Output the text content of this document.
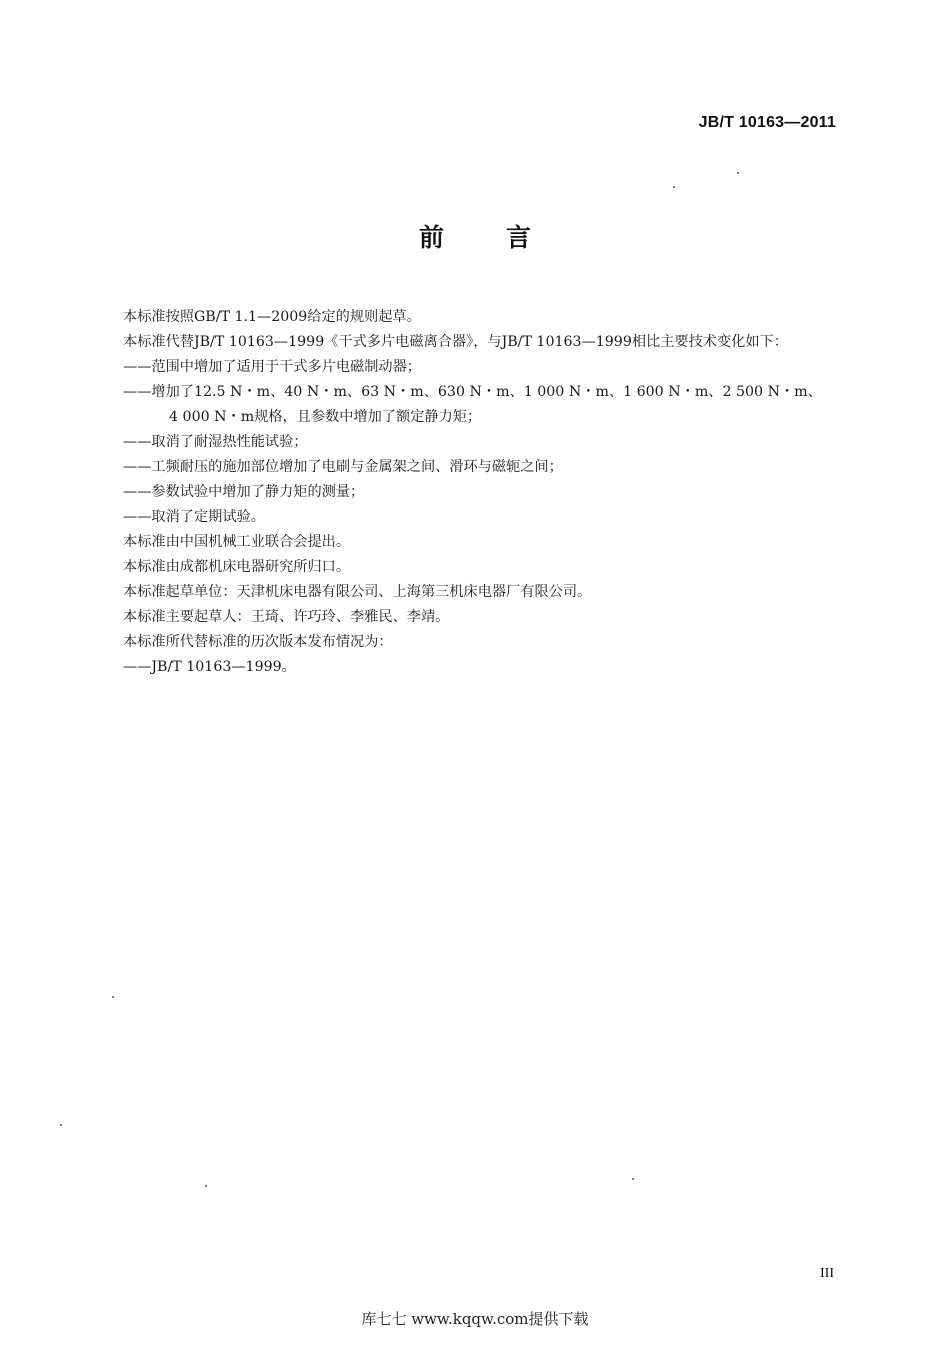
JB/T 10163—2011
前言

本标准按照GB/T 1.1—2009给定的规则起草。

本标准代替JB/T 10163—1999《干式多片电磁离合器》，与JB/T 10163—1999相比主要技术变化如下：

——范围中增加了适用于干式多片电磁制动器；

——增加了12.5 N・m、40 N・m、63 N・m、630 N・m、1 000 N・m、1 600 N・m、2 500 N・m、

4 000 N・m规格，且参数中增加了额定静力矩；

——取消了耐湿热性能试验；

——工频耐压的施加部位增加了电刷与金属架之间、滑环与磁轭之间；

——参数试验中增加了静力矩的测量；

——取消了定期试验。

本标准由中国机械工业联合会提出。

本标准由成都机床电器研究所归口。

本标准起草单位：天津机床电器有限公司、上海第三机床电器厂有限公司。

本标准主要起草人：王琦、许巧玲、李雅民、李靖。

本标准所代替标准的历次版本发布情况为：

——JB/T 10163—1999。

III
库七七 www.kqqw.com提供下载
